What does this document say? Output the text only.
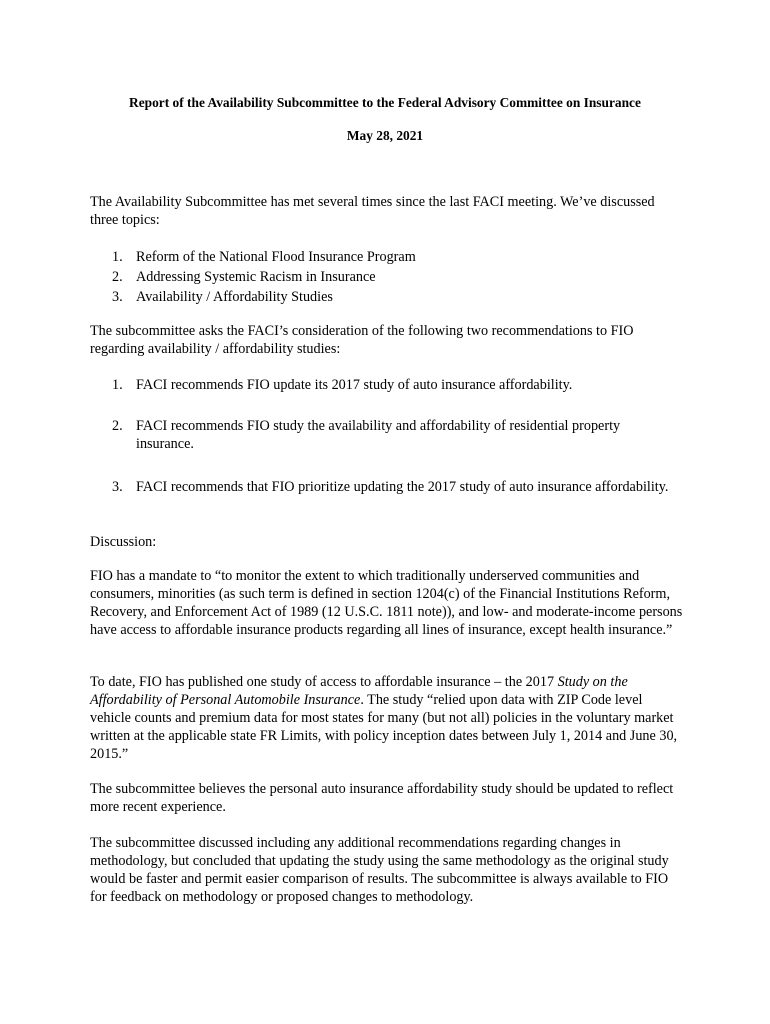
Report of the Availability Subcommittee to the Federal Advisory Committee on Insurance
May 28, 2021

The Availability Subcommittee has met several times since the last FACI meeting. We’ve discussed three topics:

1. Reform of the National Flood Insurance Program
2. Addressing Systemic Racism in Insurance
3. Availability / Affordability Studies

The subcommittee asks the FACI’s consideration of the following two recommendations to FIO regarding availability / affordability studies:

1. FACI recommends FIO update its 2017 study of auto insurance affordability.
2. FACI recommends FIO study the availability and affordability of residential property insurance.
3. FACI recommends that FIO prioritize updating the 2017 study of auto insurance affordability.

Discussion:

FIO has a mandate to “to monitor the extent to which traditionally underserved communities and consumers, minorities (as such term is defined in section 1204(c) of the Financial Institutions Reform, Recovery, and Enforcement Act of 1989 (12 U.S.C. 1811 note)), and low- and moderate-income persons have access to affordable insurance products regarding all lines of insurance, except health insurance.”

To date, FIO has published one study of access to affordable insurance – the 2017 Study on the Affordability of Personal Automobile Insurance. The study “relied upon data with ZIP Code level vehicle counts and premium data for most states for many (but not all) policies in the voluntary market written at the applicable state FR Limits, with policy inception dates between July 1, 2014 and June 30, 2015.”

The subcommittee believes the personal auto insurance affordability study should be updated to reflect more recent experience.

The subcommittee discussed including any additional recommendations regarding changes in methodology, but concluded that updating the study using the same methodology as the original study would be faster and permit easier comparison of results. The subcommittee is always available to FIO for feedback on methodology or proposed changes to methodology.
